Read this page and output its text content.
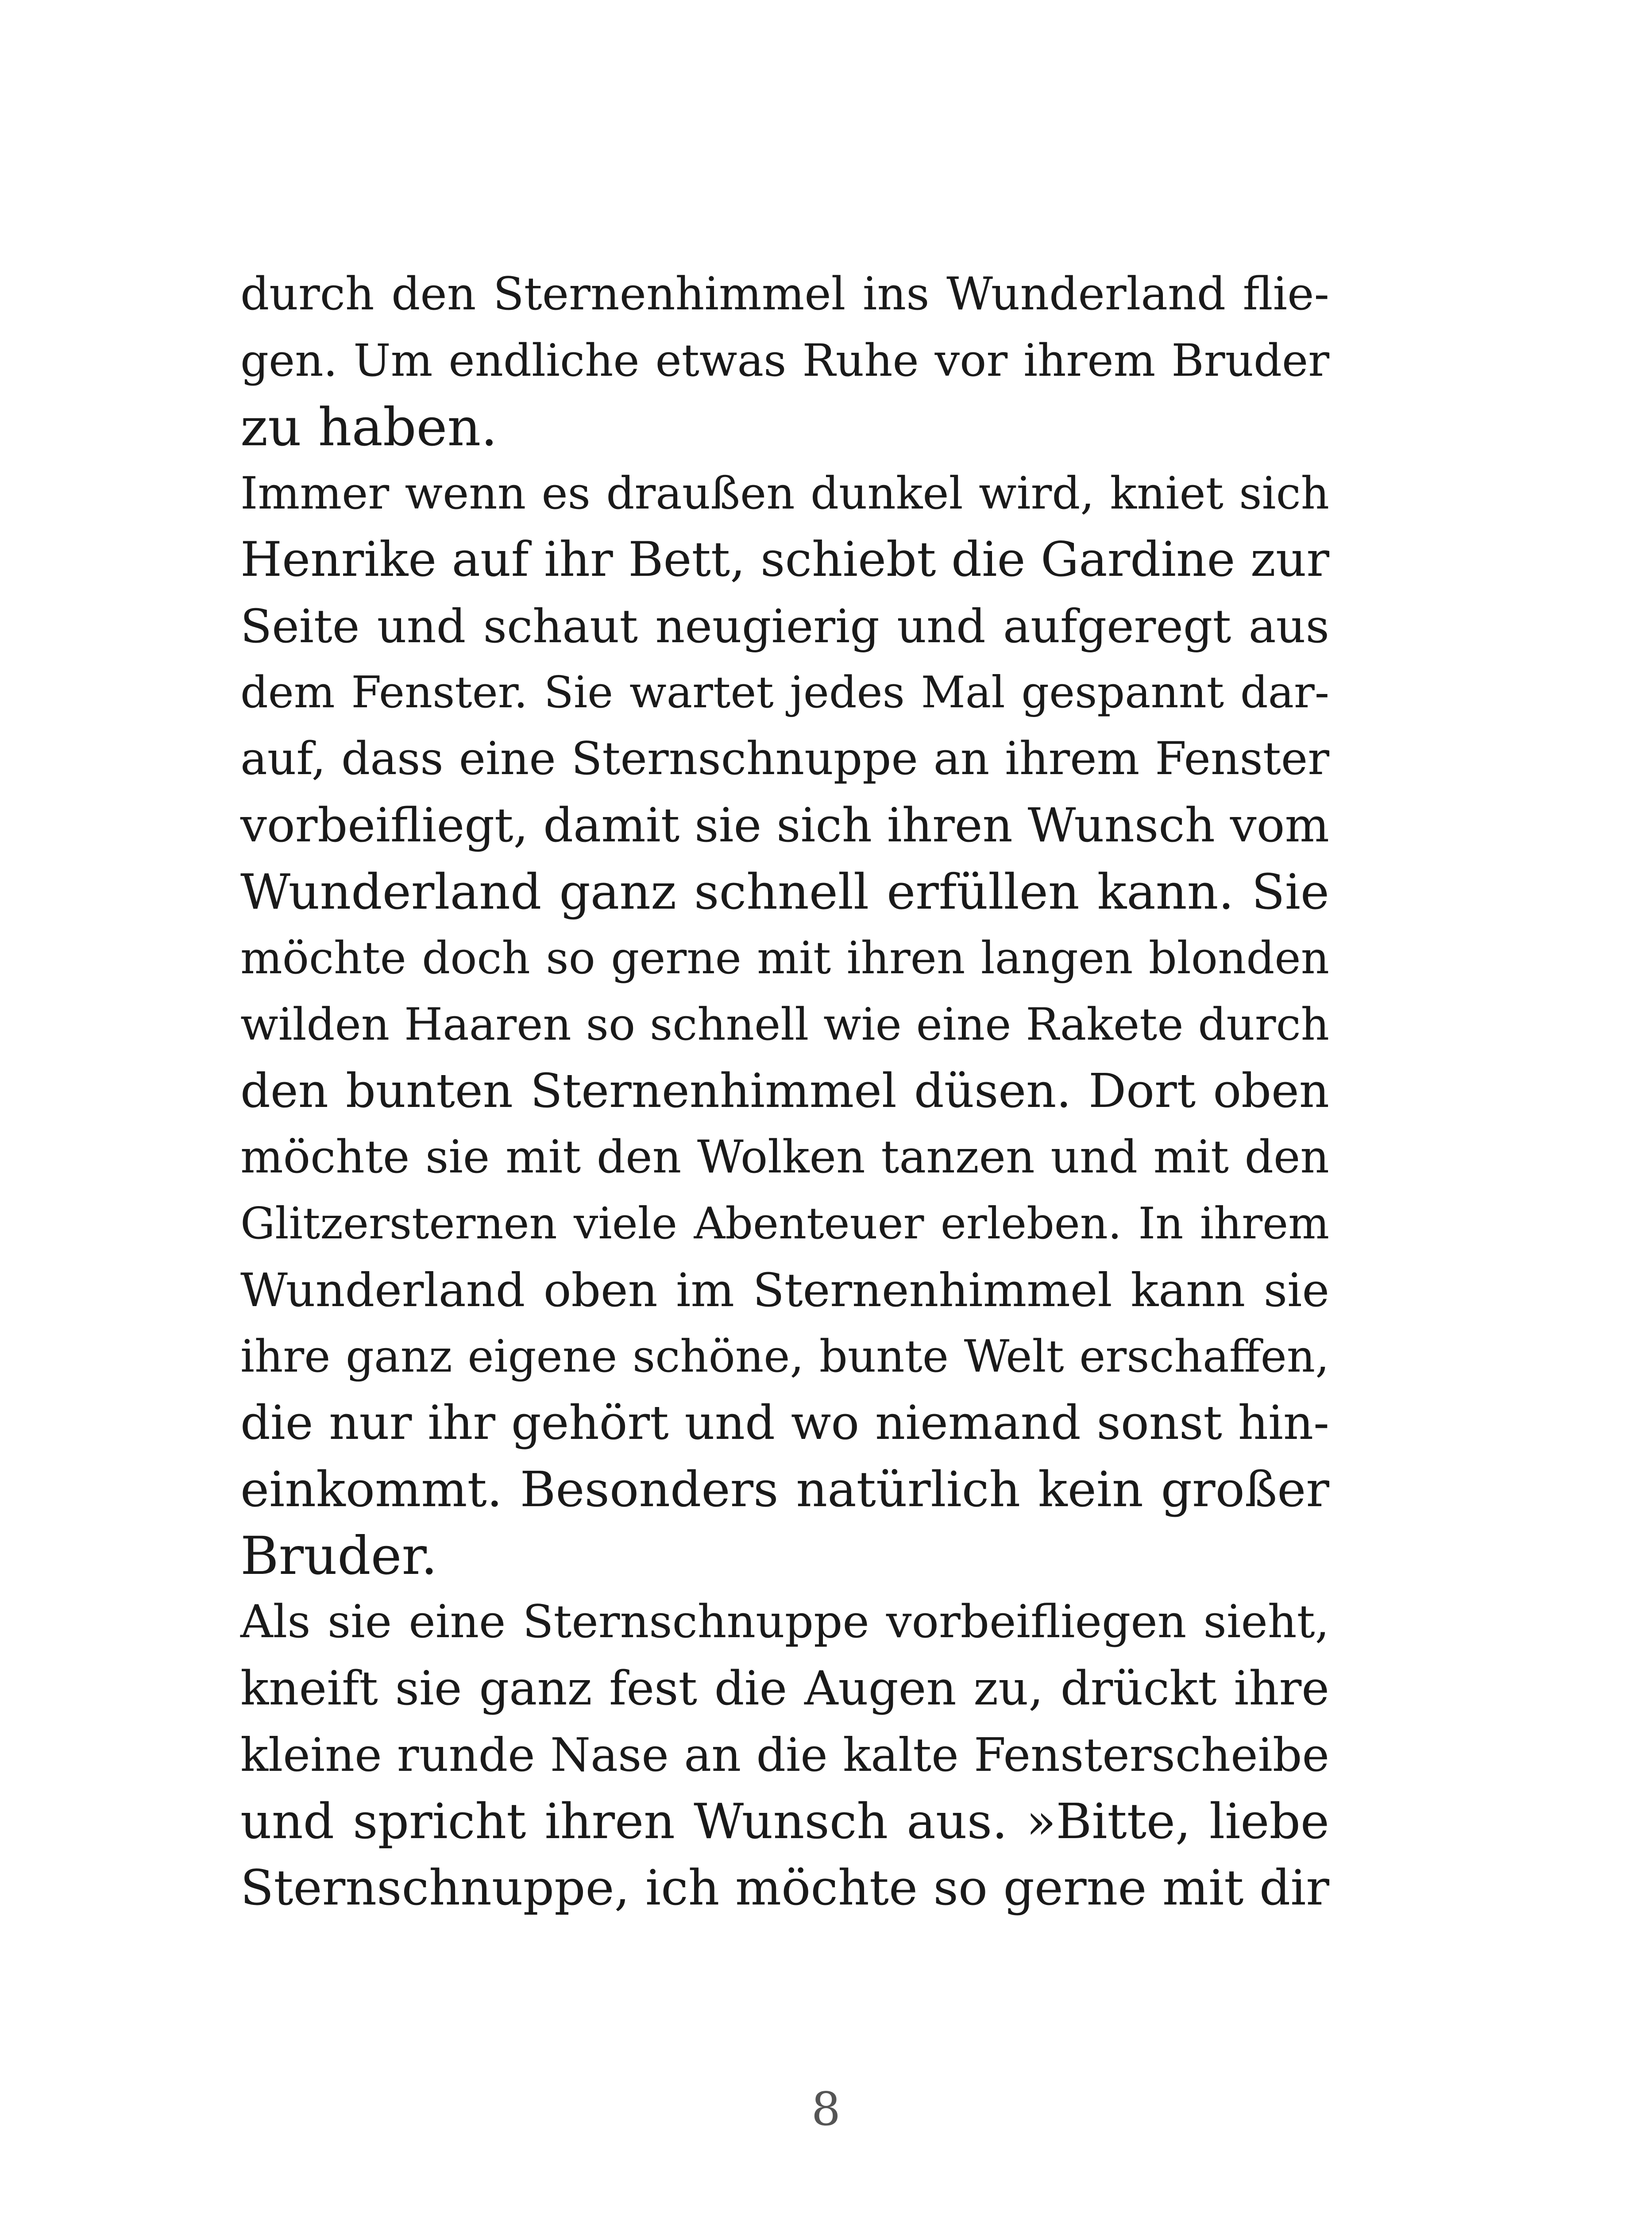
durch den Sternenhimmel ins Wunderland flie-
gen. Um endliche etwas Ruhe vor ihrem Bruder
zu haben.
Immer wenn es draußen dunkel wird, kniet sich
Henrike auf ihr Bett, schiebt die Gardine zur
Seite und schaut neugierig und aufgeregt aus
dem Fenster. Sie wartet jedes Mal gespannt dar-
auf, dass eine Sternschnuppe an ihrem Fenster
vorbeifliegt, damit sie sich ihren Wunsch vom
Wunderland ganz schnell erfüllen kann. Sie
möchte doch so gerne mit ihren langen blonden
wilden Haaren so schnell wie eine Rakete durch
den bunten Sternenhimmel düsen. Dort oben
möchte sie mit den Wolken tanzen und mit den
Glitzersternen viele Abenteuer erleben. In ihrem
Wunderland oben im Sternenhimmel kann sie
ihre ganz eigene schöne, bunte Welt erschaffen,
die nur ihr gehört und wo niemand sonst hin-
einkommt. Besonders natürlich kein großer
Bruder.
Als sie eine Sternschnuppe vorbeifliegen sieht,
kneift sie ganz fest die Augen zu, drückt ihre
kleine runde Nase an die kalte Fensterscheibe
und spricht ihren Wunsch aus. »Bitte, liebe
Sternschnuppe, ich möchte so gerne mit dir
8
